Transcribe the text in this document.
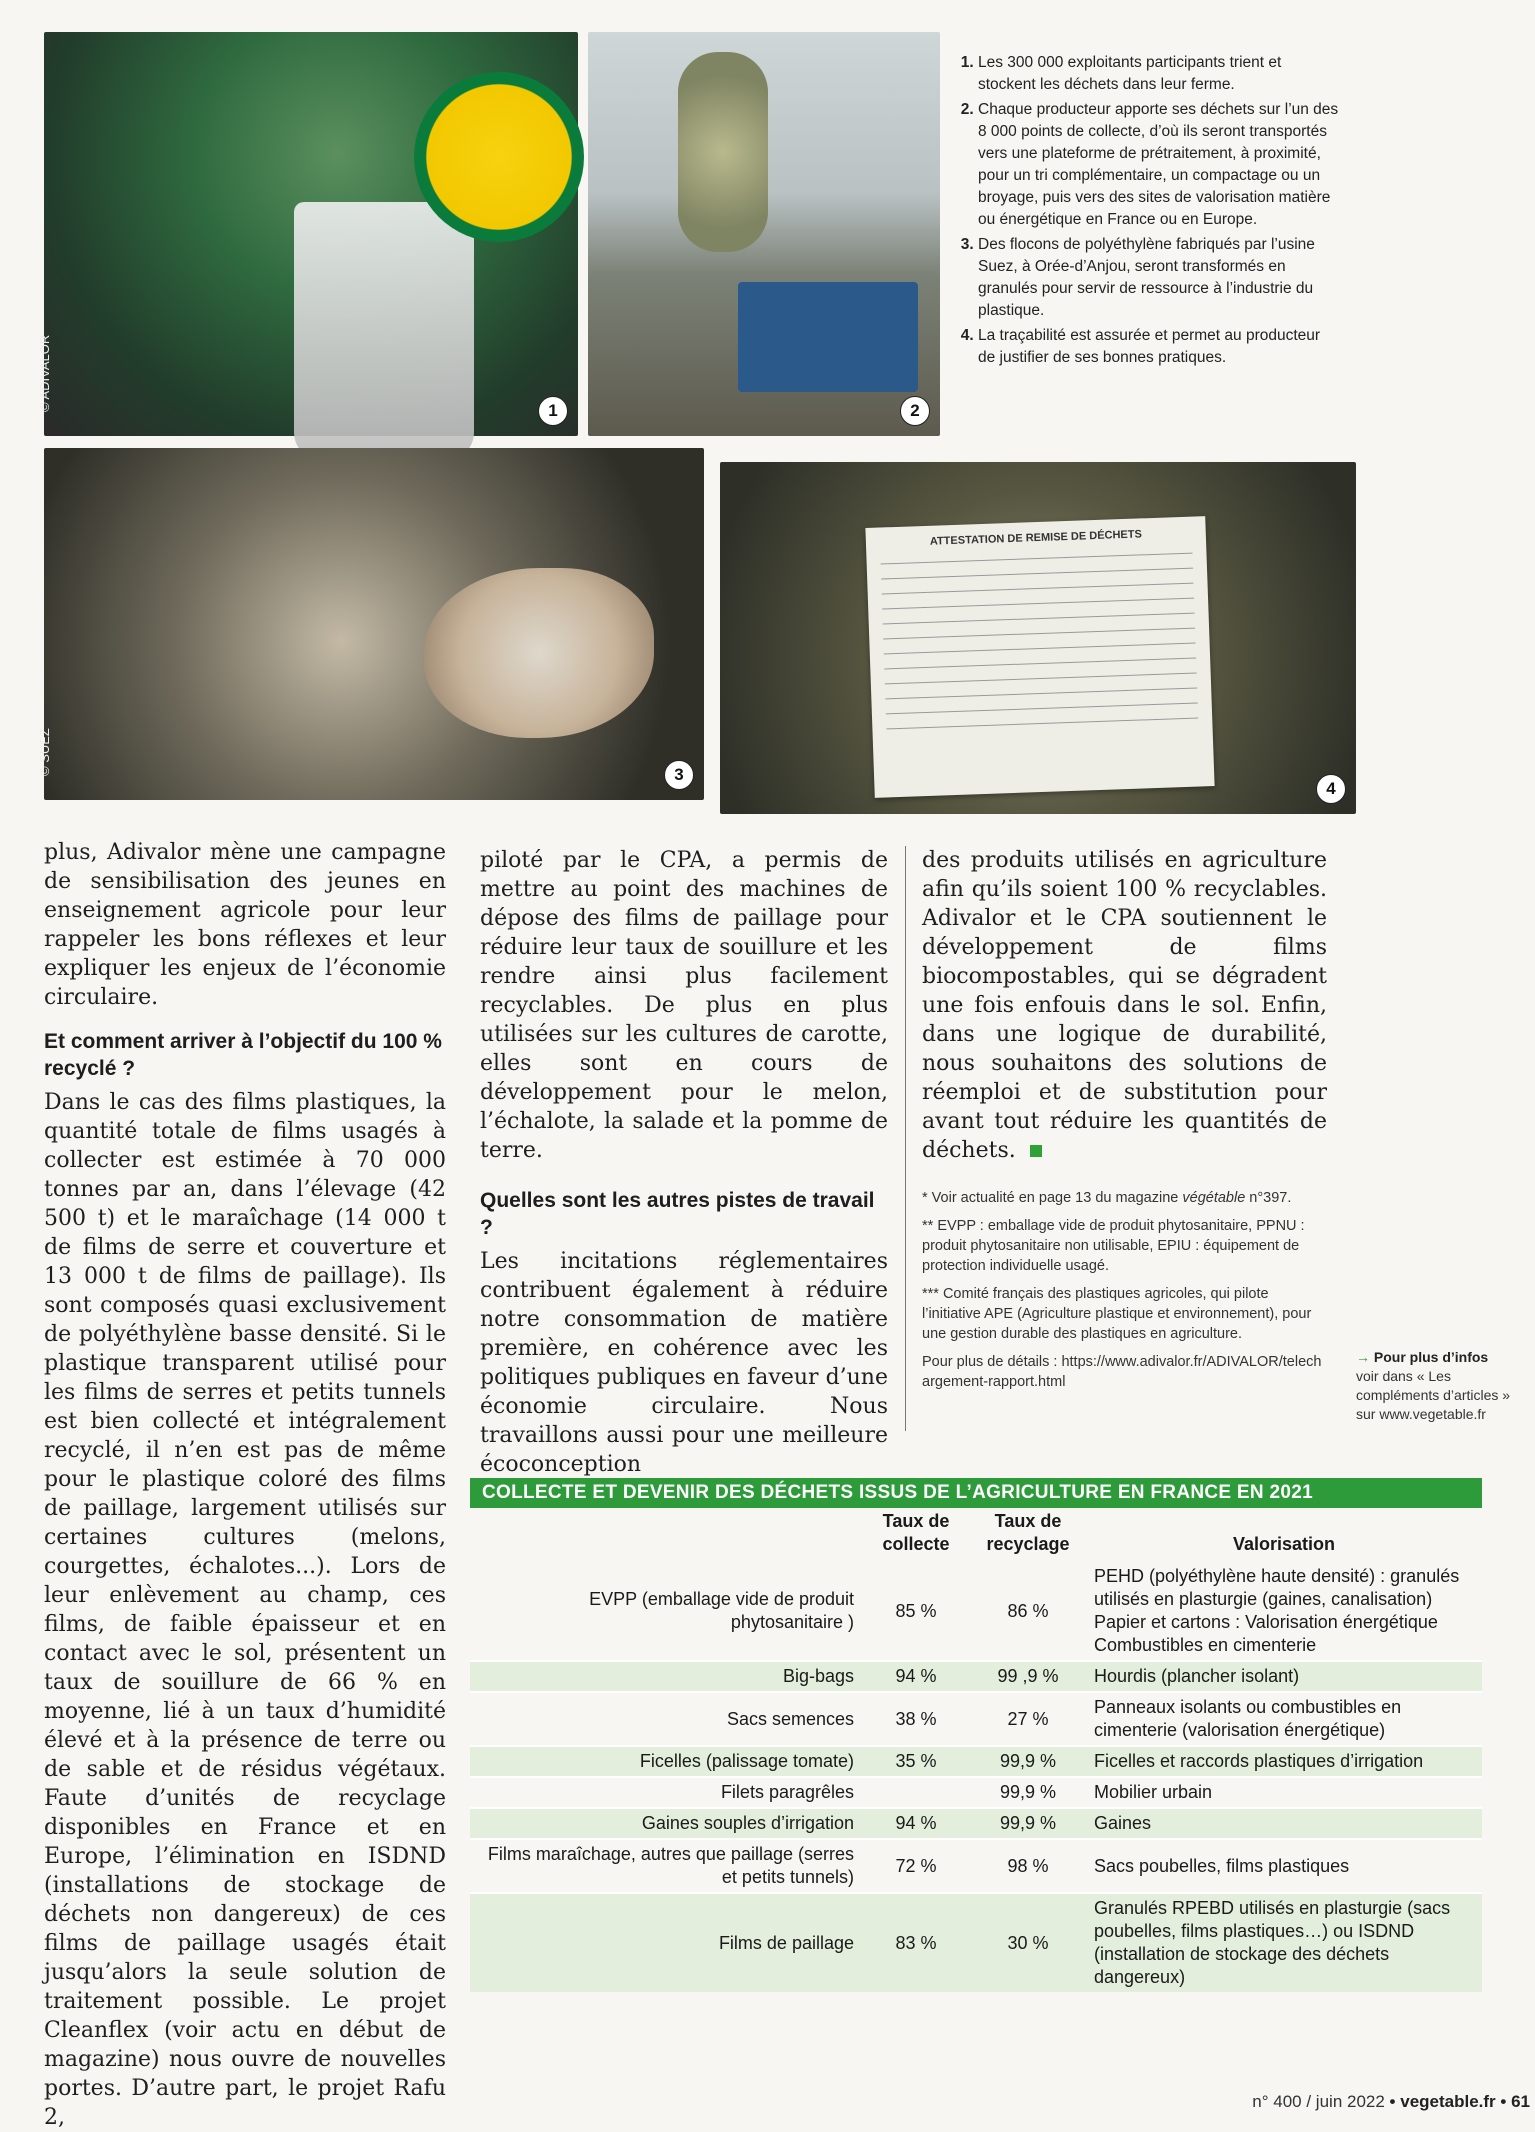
© ADIVALOR	1	2
1. Les 300 000 exploitants participants trient et stockent les déchets dans leur ferme.
2. Chaque producteur apporte ses déchets sur l’un des 8 000 points de collecte, d’où ils seront transportés vers une plateforme de prétraitement, à proximité, pour un tri complémentaire, un compactage ou un broyage, puis vers des sites de valorisation matière ou énergétique en France ou en Europe.
3. Des flocons de polyéthylène fabriqués par l’usine Suez, à Orée-d’Anjou, seront transformés en granulés pour servir de ressource à l’industrie du plastique.
4. La traçabilité est assurée et permet au producteur de justifier de ses bonnes pratiques.
© SUEZ	3
ATTESTATION DE REMISE DE DÉCHETS
4

plus, Adivalor mène une campagne de sensibilisation des jeunes en enseignement agricole pour leur rappeler les bons réflexes et leur expliquer les enjeux de l’économie circulaire.

Et comment arriver à l’objectif du 100 % recyclé ?

Dans le cas des films plastiques, la quantité totale de films usagés à collecter est estimée à 70 000 tonnes par an, dans l’élevage (42 500 t) et le maraîchage (14 000 t de films de serre et couverture et 13 000 t de films de paillage). Ils sont composés quasi exclusivement de polyéthylène basse densité. Si le plastique transparent utilisé pour les films de serres et petits tunnels est bien collecté et intégralement recyclé, il n’en est pas de même pour le plastique coloré des films de paillage, largement utilisés sur certaines cultures (melons, courgettes, échalotes...). Lors de leur enlèvement au champ, ces films, de faible épaisseur et en contact avec le sol, présentent un taux de souillure de 66 % en moyenne, lié à un taux d’humidité élevé et à la présence de terre ou de sable et de résidus végétaux. Faute d’unités de recyclage disponibles en France et en Europe, l’élimination en ISDND (installations de stockage de déchets non dangereux) de ces films de paillage usagés était jusqu’alors la seule solution de traitement possible. Le projet Cleanflex (voir actu en début de magazine) nous ouvre de nouvelles portes. D’autre part, le projet Rafu 2,

piloté par le CPA, a permis de mettre au point des machines de dépose des films de paillage pour réduire leur taux de souillure et les rendre ainsi plus facilement recyclables. De plus en plus utilisées sur les cultures de carotte, elles sont en cours de développement pour le melon, l’échalote, la salade et la pomme de terre.

Quelles sont les autres pistes de travail ?

Les incitations réglementaires contribuent également à réduire notre consommation de matière première, en cohérence avec les politiques publiques en faveur d’une économie circulaire. Nous travaillons aussi pour une meilleure écoconception

des produits utilisés en agriculture afin qu’ils soient 100 % recyclables. Adivalor et le CPA soutiennent le développement de films biocompostables, qui se dégradent une fois enfouis dans le sol. Enfin, dans une logique de durabilité, nous souhaitons des solutions de réemploi et de substitution pour avant tout réduire les quantités de déchets.

* Voir actualité en page 13 du magazine végétable n°397.

** EVPP : emballage vide de produit phytosanitaire, PPNU : produit phytosanitaire non utilisable, EPIU : équipement de protection individuelle usagé.

*** Comité français des plastiques agricoles, qui pilote l’initiative APE (Agriculture plastique et environnement), pour une gestion durable des plastiques en agriculture.

Pour plus de détails : https://www.adivalor.fr/ADIVALOR/telechargement-rapport.html

→ Pour plus d’infos
voir dans « Les compléments d’articles » sur www.vegetable.fr
COLLECTE ET DEVENIR DES DÉCHETS ISSUS DE L’AGRICULTURE EN FRANCE EN 2021
	Taux de collecte	Taux de recyclage	Valorisation
EVPP (emballage vide de produit phytosanitaire )	85 %	86 %	PEHD (polyéthylène haute densité) : granulés utilisés en plasturgie (gaines, canalisation) Papier et cartons : Valorisation énergétique Combustibles en cimenterie
Big-bags	94 %	99 ,9 %	Hourdis (plancher isolant)
Sacs semences	38 %	27 %	Panneaux isolants ou combustibles en cimenterie (valorisation énergétique)
Ficelles (palissage tomate)	35 %	99,9 %	Ficelles et raccords plastiques d’irrigation
Filets paragrêles		99,9 %	Mobilier urbain
Gaines souples d’irrigation	94 %	99,9 %	Gaines
Films maraîchage, autres que paillage (serres et petits tunnels)	72 %	98 %	Sacs poubelles, films plastiques
Films de paillage	83 %	30 %	Granulés RPEBD utilisés en plasturgie (sacs poubelles, films plastiques…) ou ISDND (installation de stockage des déchets dangereux)
n° 400 / juin 2022 • vegetable.fr • 61
